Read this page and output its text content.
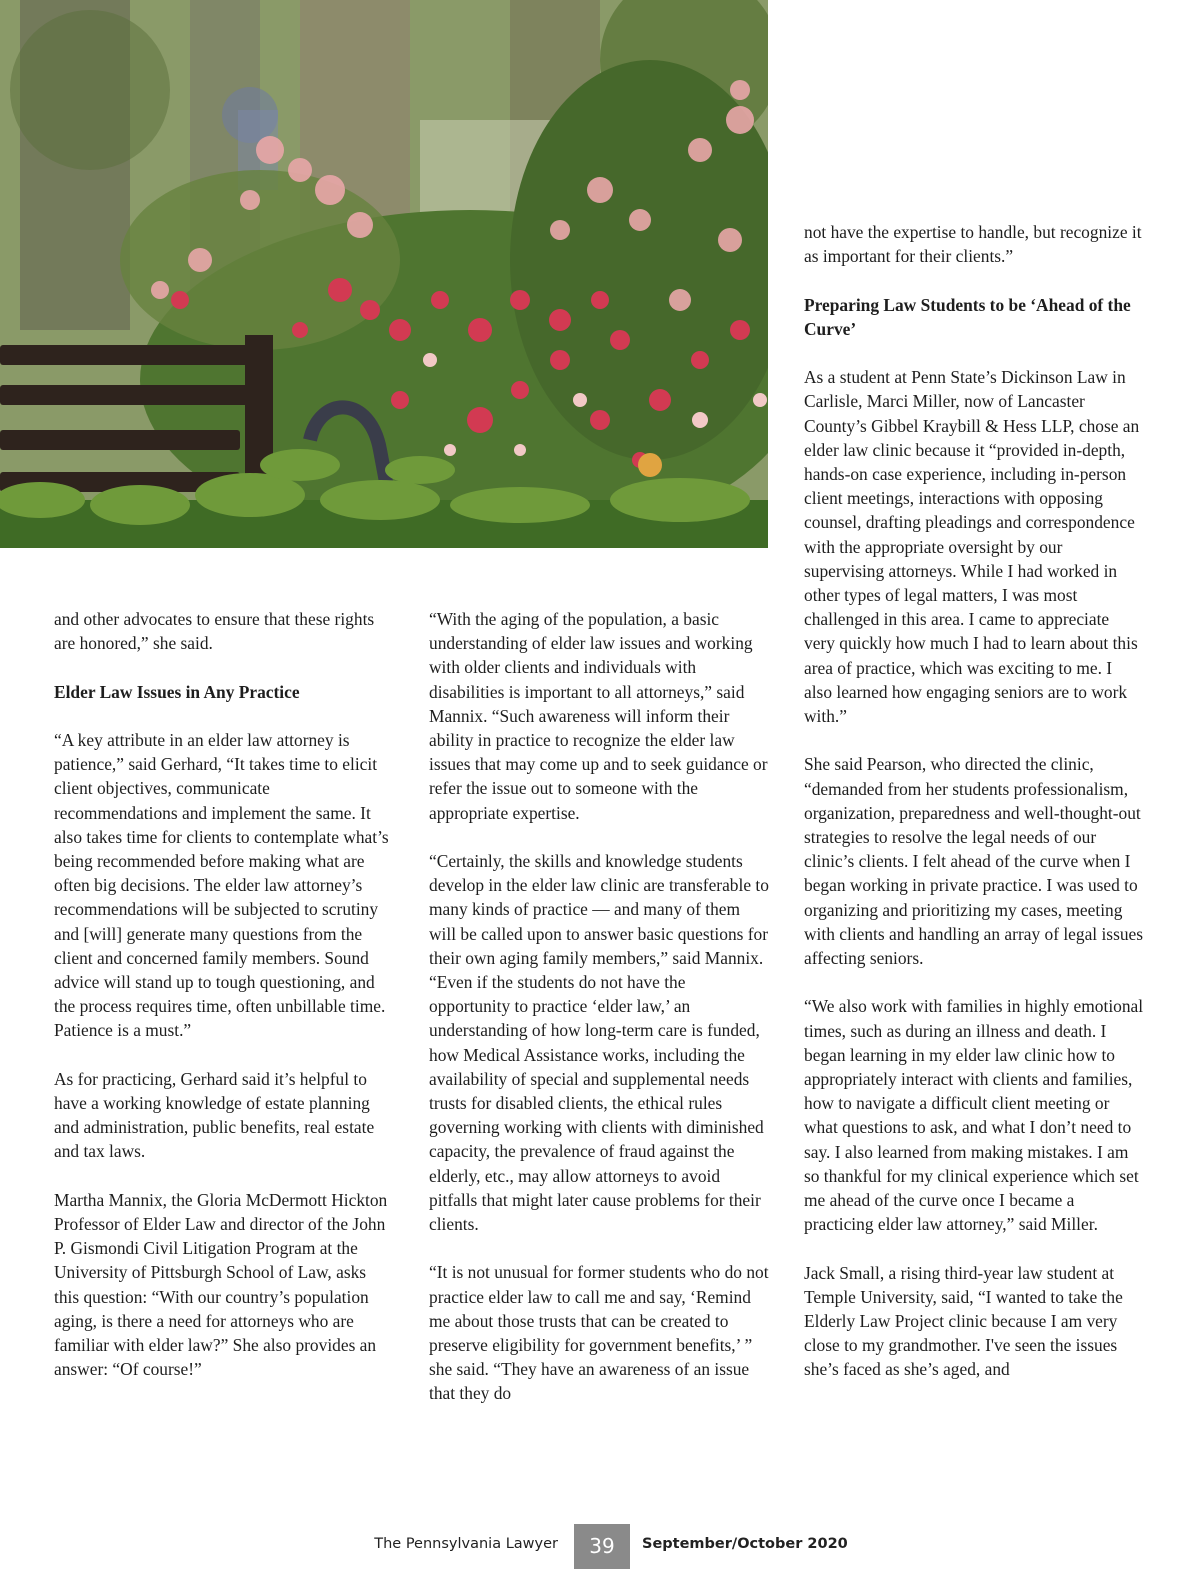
and other advocates to ensure that these rights are honored,” she said.

Elder Law Issues in Any Practice

“A key attribute in an elder law attorney is patience,” said Gerhard, “It takes time to elicit client objectives, communicate recommendations and implement the same. It also takes time for clients to contemplate what’s being recommended before making what are often big decisions. The elder law attorney’s recommendations will be subjected to scrutiny and [will] generate many questions from the client and concerned family members. Sound advice will stand up to tough questioning, and the process requires time, often unbillable time. Patience is a must.”

As for practicing, Gerhard said it’s helpful to have a working knowledge of estate planning and administration, public benefits, real estate and tax laws.

Martha Mannix, the Gloria McDermott Hickton Professor of Elder Law and director of the John P. Gismondi Civil Litigation Program at the University of Pittsburgh School of Law, asks this question: “With our country’s population aging, is there a need for attorneys who are familiar with elder law?” She also provides an answer: “Of course!”

“With the aging of the population, a basic understanding of elder law issues and working with older clients and individuals with disabilities is important to all attorneys,” said Mannix. “Such awareness will inform their ability in practice to recognize the elder law issues that may come up and to seek guidance or refer the issue out to someone with the appropriate expertise.

“Certainly, the skills and knowledge students develop in the elder law clinic are transferable to many kinds of practice — and many of them will be called upon to answer basic questions for their own aging family members,” said Mannix. “Even if the students do not have the opportunity to practice ‘elder law,’ an understanding of how long-term care is funded, how Medical Assistance works, including the availability of special and supplemental needs trusts for disabled clients, the ethical rules governing working with clients with diminished capacity, the prevalence of fraud against the elderly, etc., may allow attorneys to avoid pitfalls that might later cause problems for their clients.

“It is not unusual for former students who do not practice elder law to call me and say, ‘Remind me about those trusts that can be created to preserve eligibility for government benefits,’ ” she said. “They have an awareness of an issue that they do

not have the expertise to handle, but recognize it as important for their clients.”

Preparing Law Students to be ‘Ahead of the Curve’

As a student at Penn State’s Dickinson Law in Carlisle, Marci Miller, now of Lancaster County’s Gibbel Kraybill & Hess LLP, chose an elder law clinic because it “provided in-depth, hands-on case experience, including in-person client meetings, interactions with opposing counsel, drafting pleadings and correspondence with the appropriate oversight by our supervising attorneys. While I had worked in other types of legal matters, I was most challenged in this area. I came to appreciate very quickly how much I had to learn about this area of practice, which was exciting to me. I also learned how engaging seniors are to work with.”

She said Pearson, who directed the clinic, “demanded from her students professionalism, organization, preparedness and well-thought-out strategies to resolve the legal needs of our clinic’s clients. I felt ahead of the curve when I began working in private practice. I was used to organizing and prioritizing my cases, meeting with clients and handling an array of legal issues affecting seniors.

“We also work with families in highly emotional times, such as during an illness and death. I began learning in my elder law clinic how to appropriately interact with clients and families, how to navigate a difficult client meeting or what questions to ask, and what I don’t need to say. I also learned from making mistakes. I am so thankful for my clinical experience which set me ahead of the curve once I became a practicing elder law attorney,” said Miller.

Jack Small, a rising third-year law student at Temple University, said, “I wanted to take the Elderly Law Project clinic because I am very close to my grandmother. I've seen the issues she’s faced as she’s aged, and

The Pennsylvania Lawyer	39	September/October 2020
